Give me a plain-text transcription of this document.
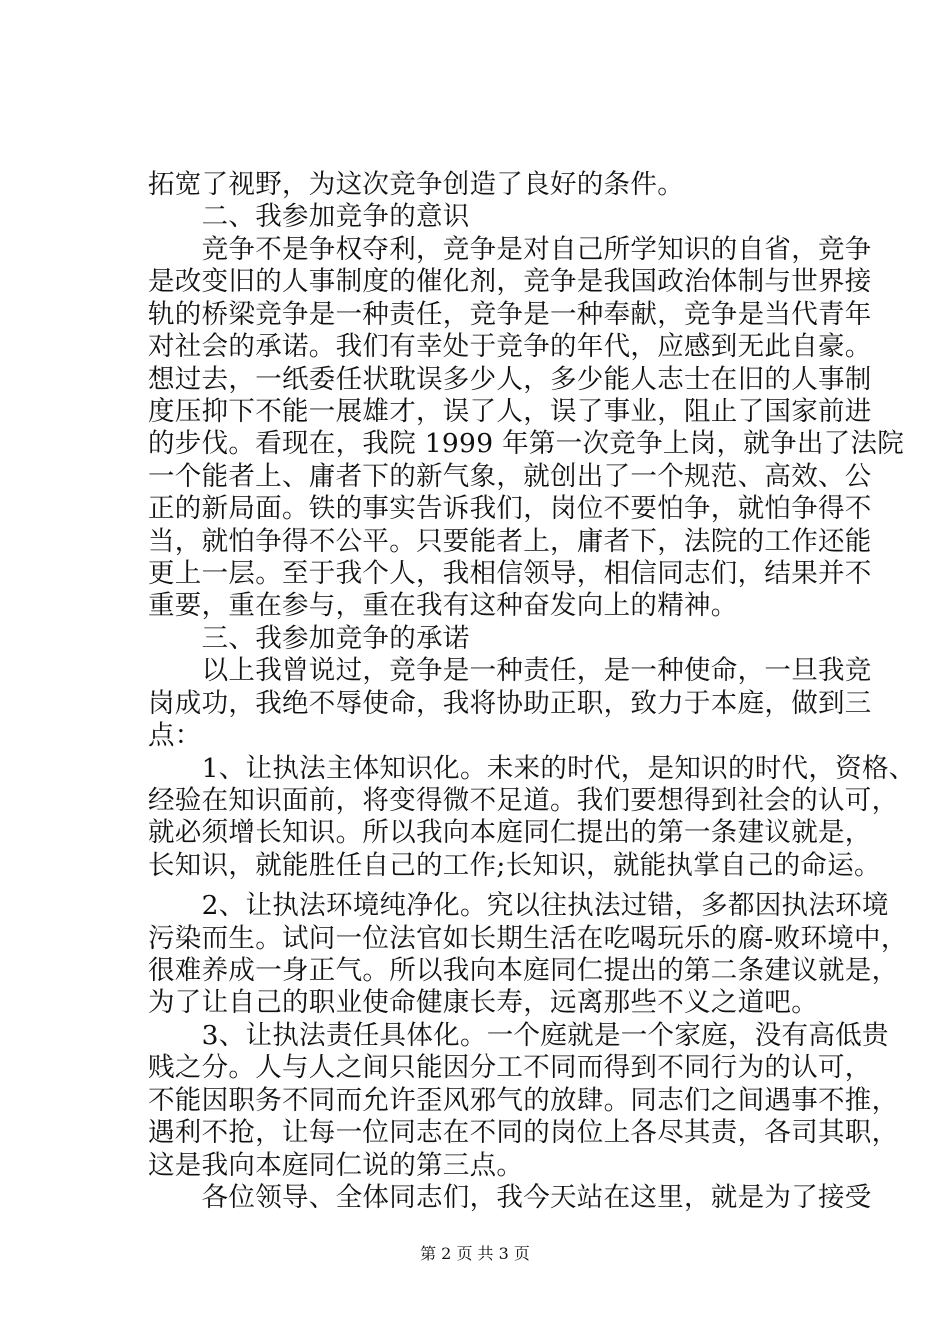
拓宽了视野，为这次竞争创造了良好的条件。
　　二、我参加竞争的意识
　　竞争不是争权夺利，竞争是对自己所学知识的自省，竞争
是改变旧的人事制度的催化剂，竞争是我国政治体制与世界接
轨的桥梁竞争是一种责任，竞争是一种奉献，竞争是当代青年
对社会的承诺。我们有幸处于竞争的年代，应感到无此自豪。
想过去，一纸委任状耽误多少人，多少能人志士在旧的人事制
度压抑下不能一展雄才，误了人，误了事业，阻止了国家前进
的步伐。看现在，我院 1999 年第一次竞争上岗，就争出了法院
一个能者上、庸者下的新气象，就创出了一个规范、高效、公
正的新局面。铁的事实告诉我们，岗位不要怕争，就怕争得不
当，就怕争得不公平。只要能者上，庸者下，法院的工作还能
更上一层。至于我个人，我相信领导，相信同志们，结果并不
重要，重在参与，重在我有这种奋发向上的精神。
　　三、我参加竞争的承诺
　　以上我曾说过，竞争是一种责任，是一种使命，一旦我竞
岗成功，我绝不辱使命，我将协助正职，致力于本庭，做到三
点：
　　1、让执法主体知识化。未来的时代，是知识的时代，资格、
经验在知识面前，将变得微不足道。我们要想得到社会的认可，
就必须增长知识。所以我向本庭同仁提出的第一条建议就是，
长知识，就能胜任自己的工作;长知识，就能执掌自己的命运。
　　2、让执法环境纯净化。究以往执法过错，多都因执法环境
污染而生。试问一位法官如长期生活在吃喝玩乐的腐-败环境中，
很难养成一身正气。所以我向本庭同仁提出的第二条建议就是，
为了让自己的职业使命健康长寿，远离那些不义之道吧。
　　3、让执法责任具体化。一个庭就是一个家庭，没有高低贵
贱之分。人与人之间只能因分工不同而得到不同行为的认可，
不能因职务不同而允许歪风邪气的放肆。同志们之间遇事不推，
遇利不抢，让每一位同志在不同的岗位上各尽其责，各司其职，
这是我向本庭同仁说的第三点。
　　各位领导、全体同志们，我今天站在这里，就是为了接受
第 2 页 共 3 页
